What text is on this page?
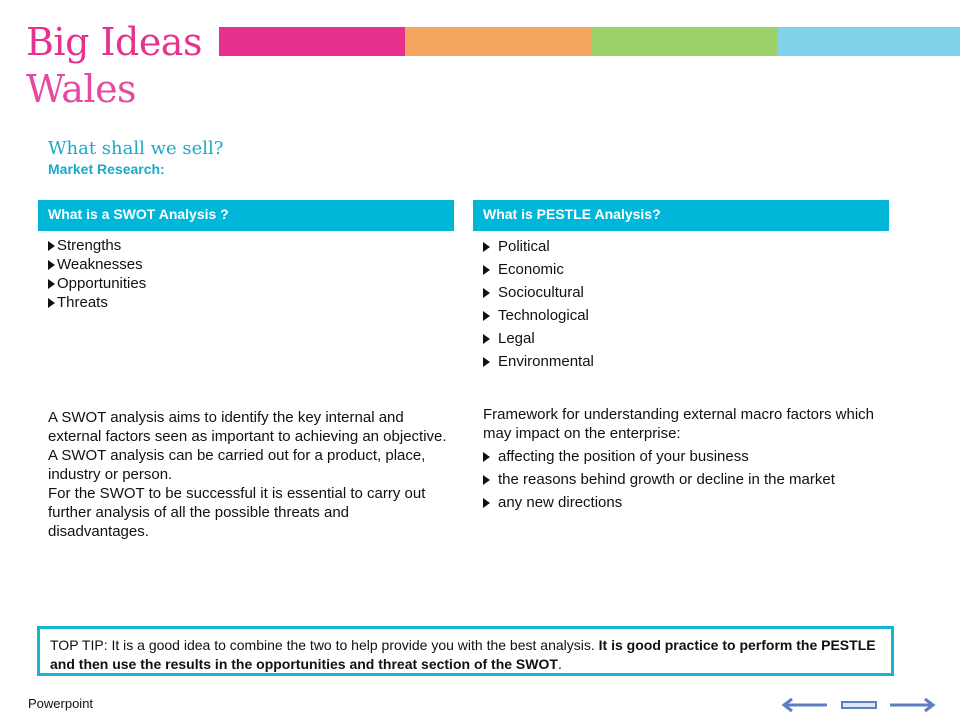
Big Ideas
Wales
What shall we sell?
Market Research:
What is a SWOT Analysis ?	What is PESTLE Analysis?
Strengths
Weaknesses
Opportunities
Threats
Political
Economic
Sociocultural
Technological
Legal
Environmental
A SWOT analysis aims to identify the key internal and external factors seen as important to achieving an objective.
A SWOT analysis can be carried out for a product, place, industry or person.
For the SWOT to be successful it is essential to carry out further analysis of all the possible threats and disadvantages.
Framework for understanding external macro factors which may impact on the enterprise:
affecting the position of your business
the reasons behind growth or decline in the market
any new directions
TOP TIP: It is a good idea to combine the two to help provide you with the best analysis. It is good practice to perform the PESTLE and then use the results in the opportunities and threat section of the SWOT.
Powerpoint
